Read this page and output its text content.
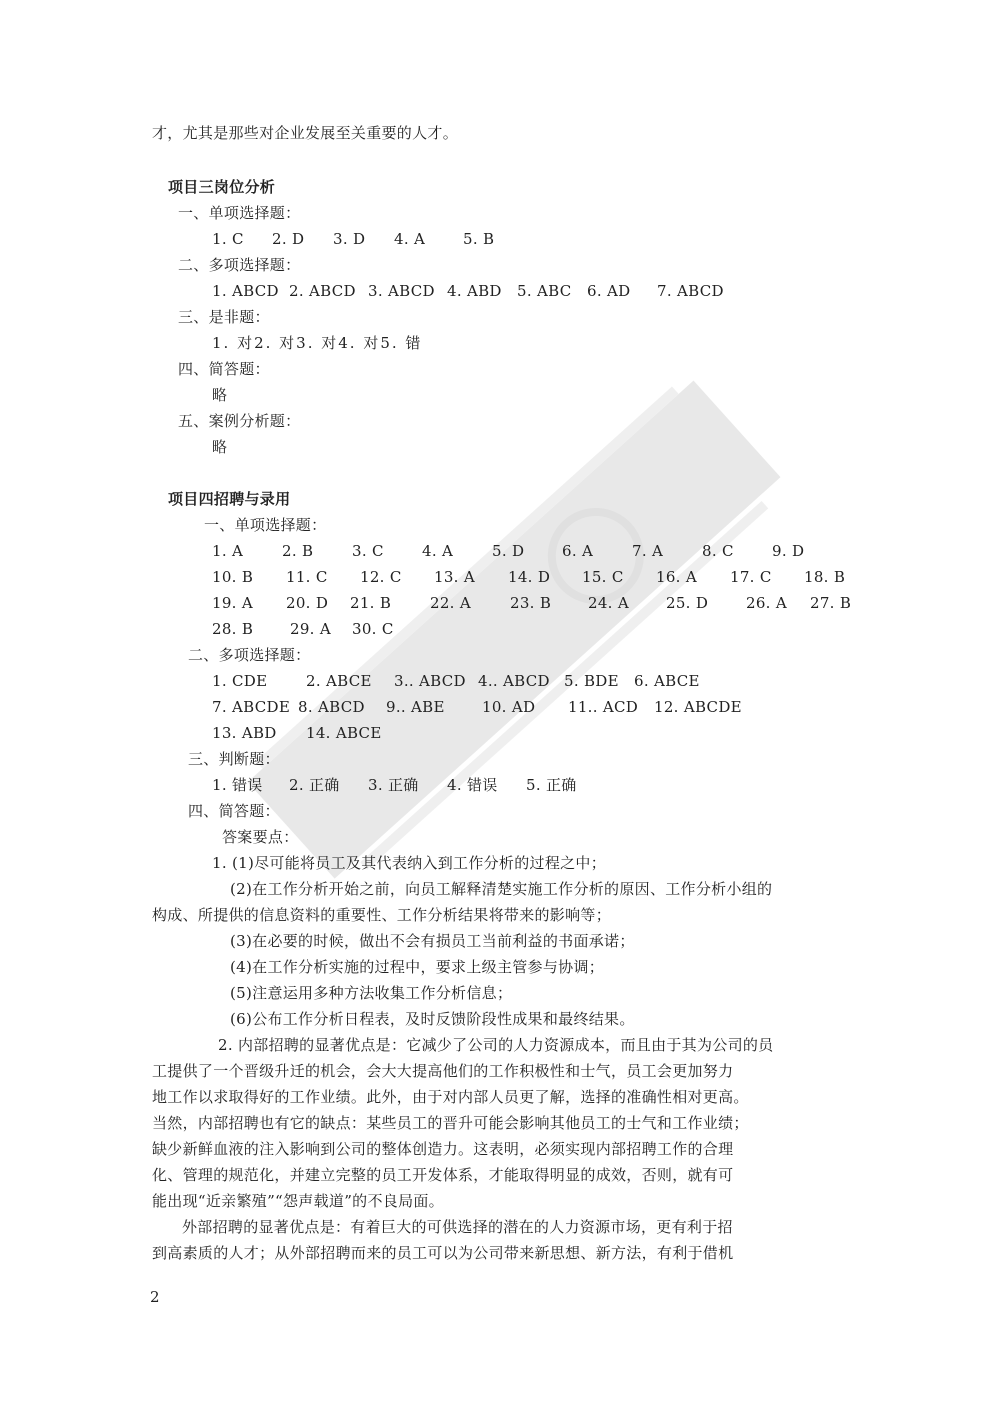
才，尤其是那些对企业发展至关重要的人才。
项目三岗位分析
一、单项选择题：
1. C 2. D 3. D 4. A	5. B
二、多项选择题：
1. ABCD 2. ABCD 3. ABCD 4. ABD 5. ABC 6. AD 7. ABCD
三、是非题：
1. 对2. 对3. 对4. 对5. 错
四、简答题：
略
五、案例分析题：
略
项目四招聘与录用
一、单项选择题：
1. A	2. B	3. C	4. A	5. D	6. A	7. A	8. C	9. D
10. B 11. C 12. C 13. A 14. D 15. C 16. A 17. C 18. B
19. A 20. D 21. B	22. A	23. B 24. A 25. D	26. A 27. B
28. B 29. A 30. C
二、多项选择题：
1. CDE	2. ABCE 3.. ABCD 4.. ABCD 5. BDE 6. ABCE
7. ABCDE 8. ABCD 9.. ABE 10. AD 11.. ACD 12. ABCDE
13. ABD 14. ABCE
三、判断题：
1. 错误 2. 正确 3. 正确 4. 错误 5. 正确
四、简答题：
答案要点：
1. (1)尽可能将员工及其代表纳入到工作分析的过程之中；
(2)在工作分析开始之前，向员工解释清楚实施工作分析的原因、工作分析小组的
构成、所提供的信息资料的重要性、工作分析结果将带来的影响等；
(3)在必要的时候，做出不会有损员工当前利益的书面承诺；
(4)在工作分析实施的过程中，要求上级主管参与协调；
(5)注意运用多种方法收集工作分析信息；
(6)公布工作分析日程表，及时反馈阶段性成果和最终结果。
2. 内部招聘的显著优点是：它减少了公司的人力资源成本，而且由于其为公司的员
工提供了一个晋级升迁的机会，会大大提高他们的工作积极性和士气，员工会更加努力
地工作以求取得好的工作业绩。此外，由于对内部人员更了解，选择的准确性相对更高。
当然，内部招聘也有它的缺点：某些员工的晋升可能会影响其他员工的士气和工作业绩；
缺少新鲜血液的注入影响到公司的整体创造力。这表明，必须实现内部招聘工作的合理
化、管理的规范化，并建立完整的员工开发体系，才能取得明显的成效，否则，就有可
能出现“近亲繁殖”“怨声载道”的不良局面。
外部招聘的显著优点是：有着巨大的可供选择的潜在的人力资源市场，更有利于招
到高素质的人才；从外部招聘而来的员工可以为公司带来新思想、新方法，有利于借机
2
